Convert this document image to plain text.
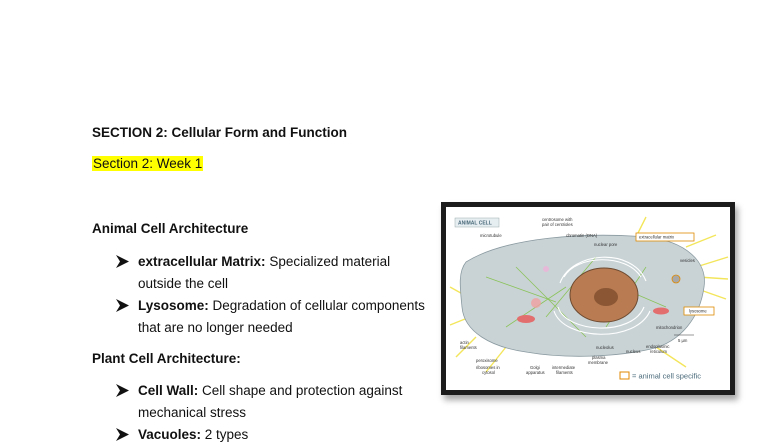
SECTION 2: Cellular Form and Function
Section 2: Week 1
Animal Cell Architecture
extracellular Matrix: Specialized material outside the cell
Lysosome: Degradation of cellular components that are no longer needed
Plant Cell Architecture:
Cell Wall: Cell shape and protection against mechanical stress
Vacuoles: 2 types
ANIMAL CELL
centrosome with
pair of centrioles
chromatin (DNA)
nuclear pore
microtubule	extracellular matrix
vesicles
lysosome
mitochondrion
5 µm
actin
filaments
peroxisome
ribosomes in
cytosol
Golgi
apparatus
intermediate
filaments
plasma
membrane
nucleolus
nucleus
endoplasmic
reticulum
= animal cell specific
